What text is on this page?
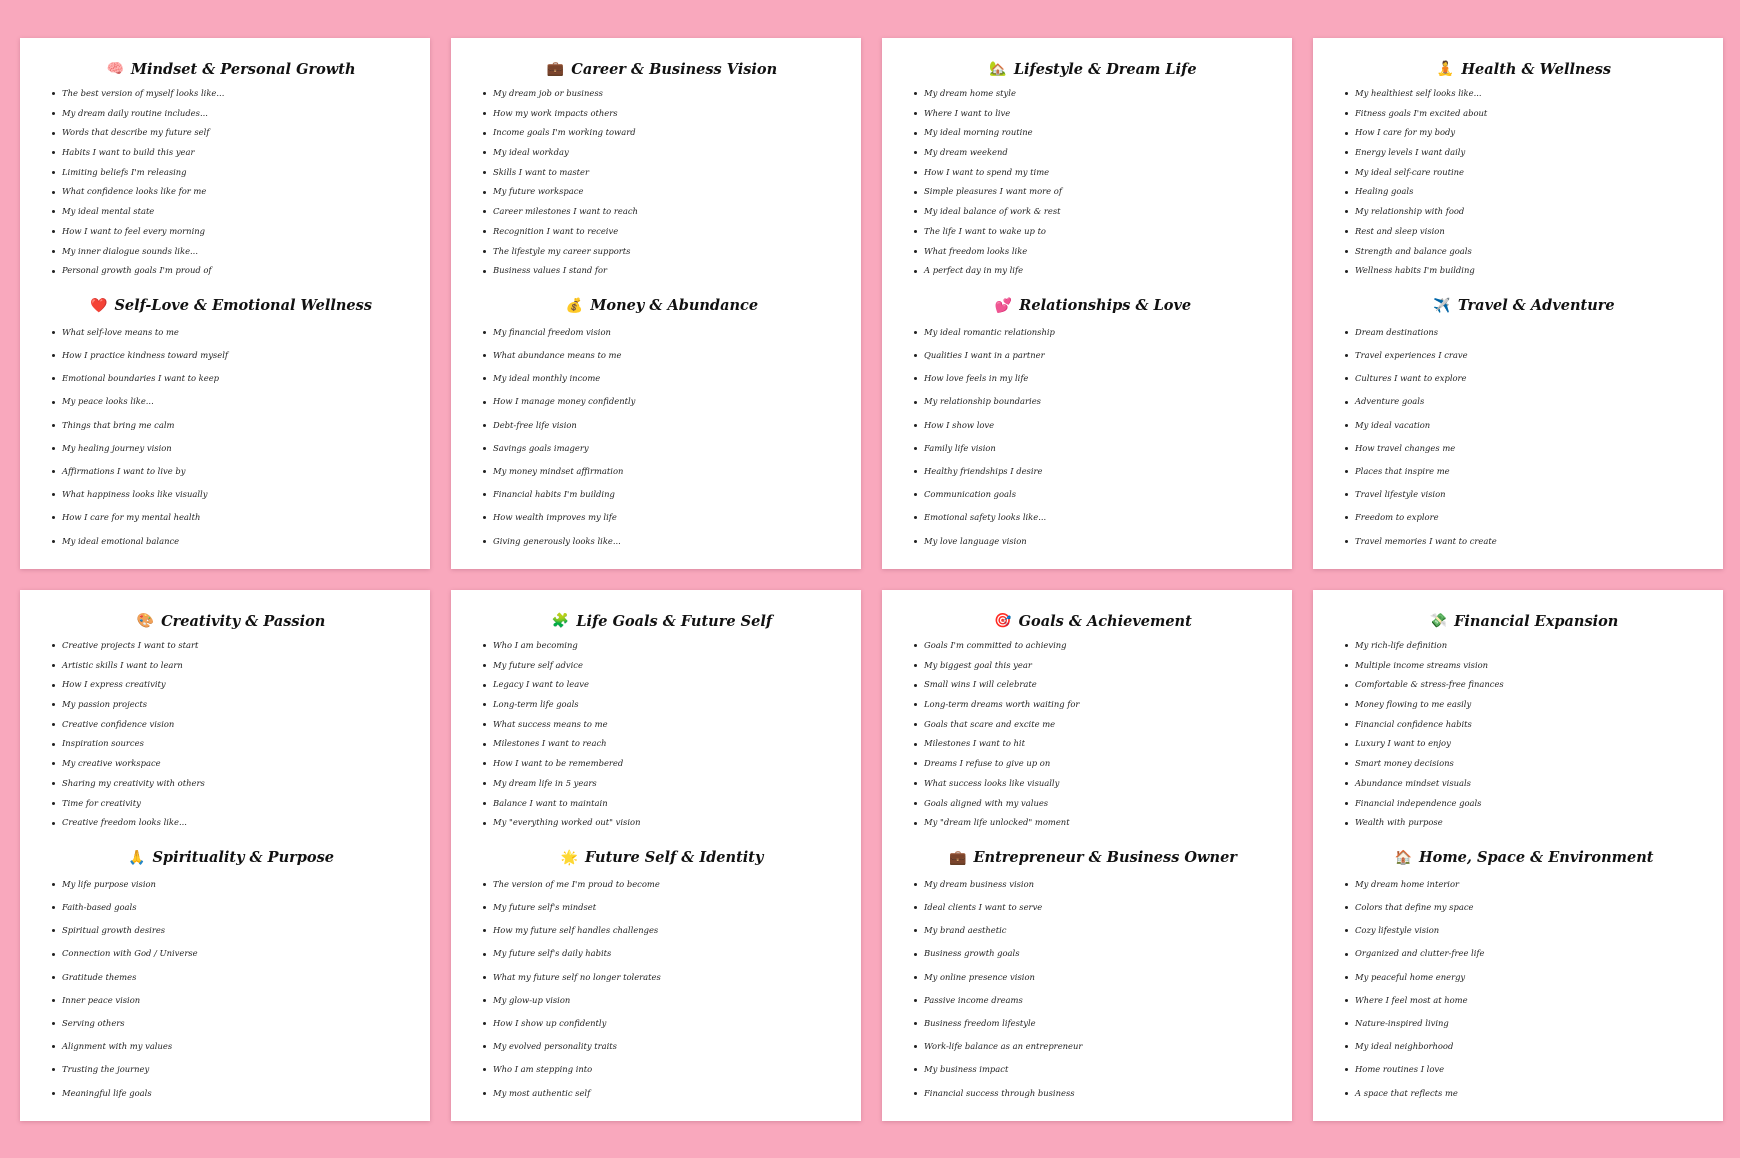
🧠 Mindset & Personal Growth
The best version of myself looks like...
My dream daily routine includes...
Words that describe my future self
Habits I want to build this year
Limiting beliefs I'm releasing
What confidence looks like for me
My ideal mental state
How I want to feel every morning
My inner dialogue sounds like...
Personal growth goals I'm proud of
❤️ Self-Love & Emotional Wellness
What self-love means to me
How I practice kindness toward myself
Emotional boundaries I want to keep
My peace looks like...
Things that bring me calm
My healing journey vision
Affirmations I want to live by
What happiness looks like visually
How I care for my mental health
My ideal emotional balance
💼 Career & Business Vision
My dream job or business
How my work impacts others
Income goals I'm working toward
My ideal workday
Skills I want to master
My future workspace
Career milestones I want to reach
Recognition I want to receive
The lifestyle my career supports
Business values I stand for
💰 Money & Abundance
My financial freedom vision
What abundance means to me
My ideal monthly income
How I manage money confidently
Debt-free life vision
Savings goals imagery
My money mindset affirmation
Financial habits I'm building
How wealth improves my life
Giving generously looks like...
🏡 Lifestyle & Dream Life
My dream home style
Where I want to live
My ideal morning routine
My dream weekend
How I want to spend my time
Simple pleasures I want more of
My ideal balance of work & rest
The life I want to wake up to
What freedom looks like
A perfect day in my life
💕 Relationships & Love
My ideal romantic relationship
Qualities I want in a partner
How love feels in my life
My relationship boundaries
How I show love
Family life vision
Healthy friendships I desire
Communication goals
Emotional safety looks like...
My love language vision
🧘 Health & Wellness
My healthiest self looks like...
Fitness goals I'm excited about
How I care for my body
Energy levels I want daily
My ideal self-care routine
Healing goals
My relationship with food
Rest and sleep vision
Strength and balance goals
Wellness habits I'm building
✈️ Travel & Adventure
Dream destinations
Travel experiences I crave
Cultures I want to explore
Adventure goals
My ideal vacation
How travel changes me
Places that inspire me
Travel lifestyle vision
Freedom to explore
Travel memories I want to create
🎨 Creativity & Passion
Creative projects I want to start
Artistic skills I want to learn
How I express creativity
My passion projects
Creative confidence vision
Inspiration sources
My creative workspace
Sharing my creativity with others
Time for creativity
Creative freedom looks like...
🙏 Spirituality & Purpose
My life purpose vision
Faith-based goals
Spiritual growth desires
Connection with God / Universe
Gratitude themes
Inner peace vision
Serving others
Alignment with my values
Trusting the journey
Meaningful life goals
🧩 Life Goals & Future Self
Who I am becoming
My future self advice
Legacy I want to leave
Long-term life goals
What success means to me
Milestones I want to reach
How I want to be remembered
My dream life in 5 years
Balance I want to maintain
My "everything worked out" vision
🌟 Future Self & Identity
The version of me I'm proud to become
My future self's mindset
How my future self handles challenges
My future self's daily habits
What my future self no longer tolerates
My glow-up vision
How I show up confidently
My evolved personality traits
Who I am stepping into
My most authentic self
🎯 Goals & Achievement
Goals I'm committed to achieving
My biggest goal this year
Small wins I will celebrate
Long-term dreams worth waiting for
Goals that scare and excite me
Milestones I want to hit
Dreams I refuse to give up on
What success looks like visually
Goals aligned with my values
My "dream life unlocked" moment
💼 Entrepreneur & Business Owner
My dream business vision
Ideal clients I want to serve
My brand aesthetic
Business growth goals
My online presence vision
Passive income dreams
Business freedom lifestyle
Work-life balance as an entrepreneur
My business impact
Financial success through business
💸 Financial Expansion
My rich-life definition
Multiple income streams vision
Comfortable & stress-free finances
Money flowing to me easily
Financial confidence habits
Luxury I want to enjoy
Smart money decisions
Abundance mindset visuals
Financial independence goals
Wealth with purpose
🏠 Home, Space & Environment
My dream home interior
Colors that define my space
Cozy lifestyle vision
Organized and clutter-free life
My peaceful home energy
Where I feel most at home
Nature-inspired living
My ideal neighborhood
Home routines I love
A space that reflects me
